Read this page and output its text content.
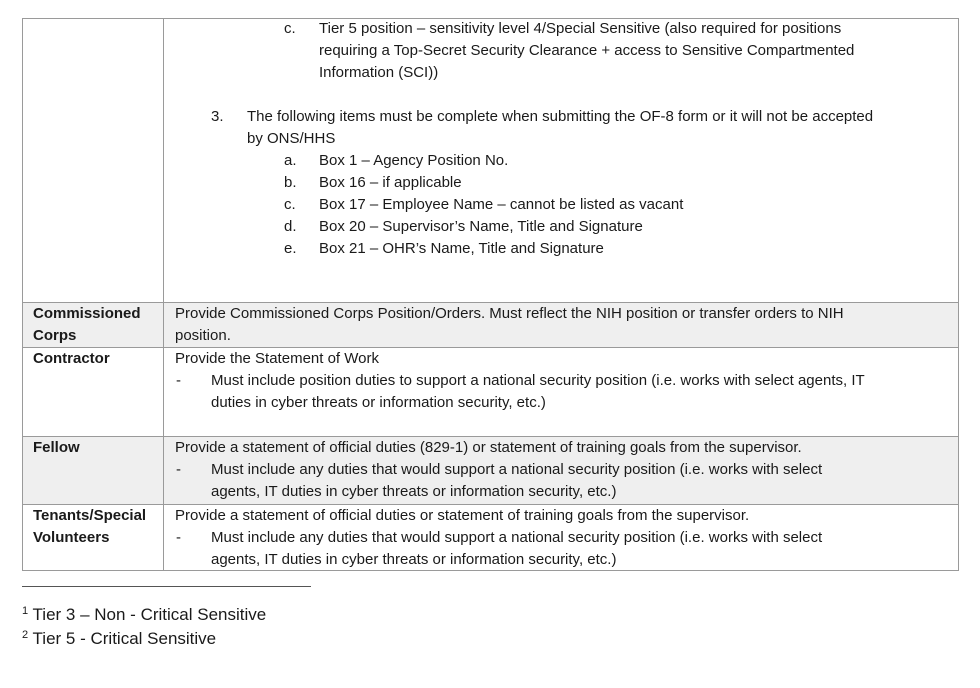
c. Tier 5 position – sensitivity level 4/Special Sensitive (also required for positions
requiring a Top-Secret Security Clearance + access to Sensitive Compartmented
Information (SCI))
3. The following items must be complete when submitting the OF-8 form or it will not be accepted
by ONS/HHS
a. Box 1 – Agency Position No.
b. Box 16 – if applicable
c. Box 17 – Employee Name – cannot be listed as vacant
d. Box 20 – Supervisor’s Name, Title and Signature
e. Box 21 – OHR’s Name, Title and Signature
Commissioned
Corps
Provide Commissioned Corps Position/Orders. Must reflect the NIH position or transfer orders to NIH
position.
Contractor	Provide the Statement of Work
- Must include position duties to support a national security position (i.e. works with select agents, IT
duties in cyber threats or information security, etc.)
Fellow	Provide a statement of official duties (829-1) or statement of training goals from the supervisor.
- Must include any duties that would support a national security position (i.e. works with select
agents, IT duties in cyber threats or information security, etc.)
Tenants/Special
Volunteers
Provide a statement of official duties or statement of training goals from the supervisor.
- Must include any duties that would support a national security position (i.e. works with select
agents, IT duties in cyber threats or information security, etc.)
$^1$ Tier 3 – Non - Critical Sensitive
$^2$ Tier 5 - Critical Sensitive
